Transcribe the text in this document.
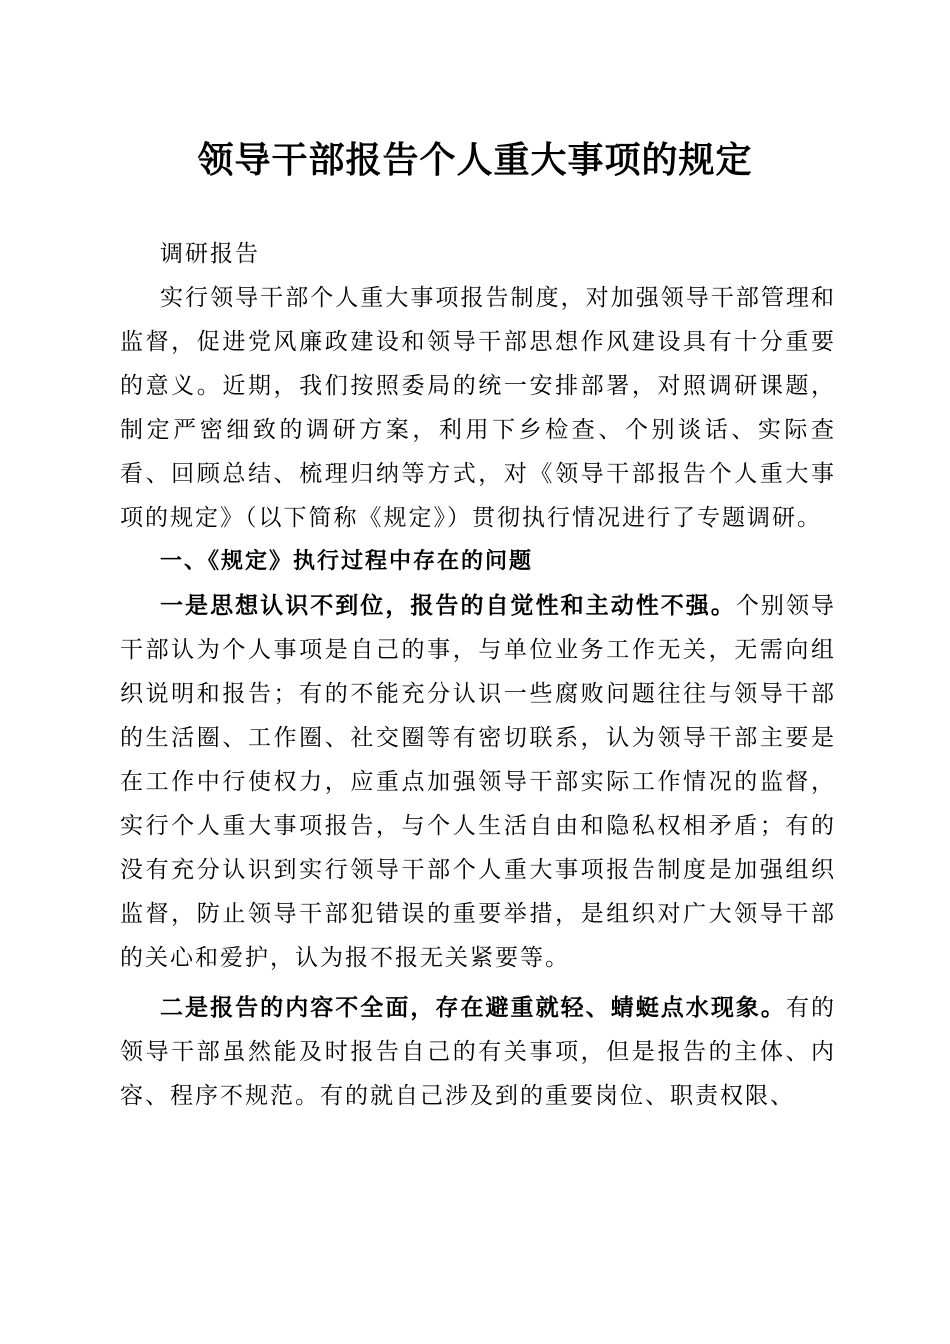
领导干部报告个人重大事项的规定

调研报告

实行领导干部个人重大事项报告制度，对加强领导干部管理和监督，促进党风廉政建设和领导干部思想作风建设具有十分重要的意义。近期，我们按照委局的统一安排部署，对照调研课题，制定严密细致的调研方案，利用下乡检查、个别谈话、实际查看、回顾总结、梳理归纳等方式，对《领导干部报告个人重大事项的规定》（以下简称《规定》）贯彻执行情况进行了专题调研。

一、《规定》执行过程中存在的问题

一是思想认识不到位，报告的自觉性和主动性不强。个别领导干部认为个人事项是自己的事，与单位业务工作无关，无需向组织说明和报告；有的不能充分认识一些腐败问题往往与领导干部的生活圈、工作圈、社交圈等有密切联系，认为领导干部主要是在工作中行使权力，应重点加强领导干部实际工作情况的监督，实行个人重大事项报告，与个人生活自由和隐私权相矛盾；有的没有充分认识到实行领导干部个人重大事项报告制度是加强组织监督，防止领导干部犯错误的重要举措，是组织对广大领导干部的关心和爱护，认为报不报无关紧要等。

二是报告的内容不全面，存在避重就轻、蜻蜓点水现象。有的领导干部虽然能及时报告自己的有关事项，但是报告的主体、内容、程序不规范。有的就自己涉及到的重要岗位、职责权限、
